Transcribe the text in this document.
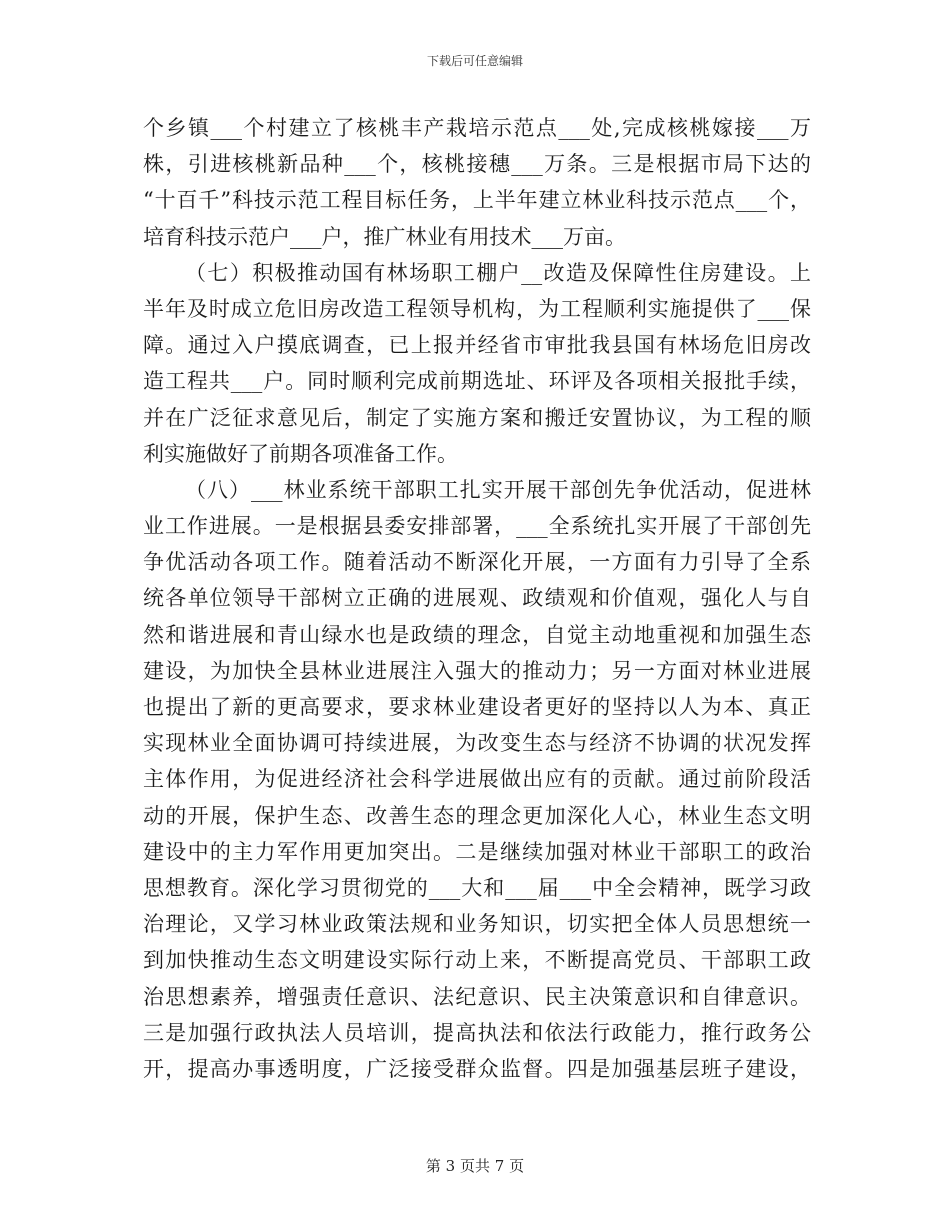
下载后可任意编辑
个乡镇___个村建立了核桃丰产栽培示范点___处,完成核桃嫁接___万
株，引进核桃新品种___个，核桃接穗___万条。三是根据市局下达的
“十百千”科技示范工程目标任务，上半年建立林业科技示范点___个，
培育科技示范户___户，推广林业有用技术___万亩。
（七）积极推动国有林场职工棚户__改造及保障性住房建设。上
半年及时成立危旧房改造工程领导机构，为工程顺利实施提供了___保
障。通过入户摸底调查，已上报并经省市审批我县国有林场危旧房改
造工程共___户。同时顺利完成前期选址、环评及各项相关报批手续，
并在广泛征求意见后，制定了实施方案和搬迁安置协议，为工程的顺
利实施做好了前期各项准备工作。
（八）___林业系统干部职工扎实开展干部创先争优活动，促进林
业工作进展。一是根据县委安排部署，___全系统扎实开展了干部创先
争优活动各项工作。随着活动不断深化开展，一方面有力引导了全系
统各单位领导干部树立正确的进展观、政绩观和价值观，强化人与自
然和谐进展和青山绿水也是政绩的理念，自觉主动地重视和加强生态
建设，为加快全县林业进展注入强大的推动力；另一方面对林业进展
也提出了新的更高要求，要求林业建设者更好的坚持以人为本、真正
实现林业全面协调可持续进展，为改变生态与经济不协调的状况发挥
主体作用，为促进经济社会科学进展做出应有的贡献。通过前阶段活
动的开展，保护生态、改善生态的理念更加深化人心，林业生态文明
建设中的主力军作用更加突出。二是继续加强对林业干部职工的政治
思想教育。深化学习贯彻党的___大和___届___中全会精神，既学习政
治理论，又学习林业政策法规和业务知识，切实把全体人员思想统一
到加快推动生态文明建设实际行动上来，不断提高党员、干部职工政
治思想素养，增强责任意识、法纪意识、民主决策意识和自律意识。
三是加强行政执法人员培训，提高执法和依法行政能力，推行政务公
开，提高办事透明度，广泛接受群众监督。四是加强基层班子建设，
第 3 页共 7 页
